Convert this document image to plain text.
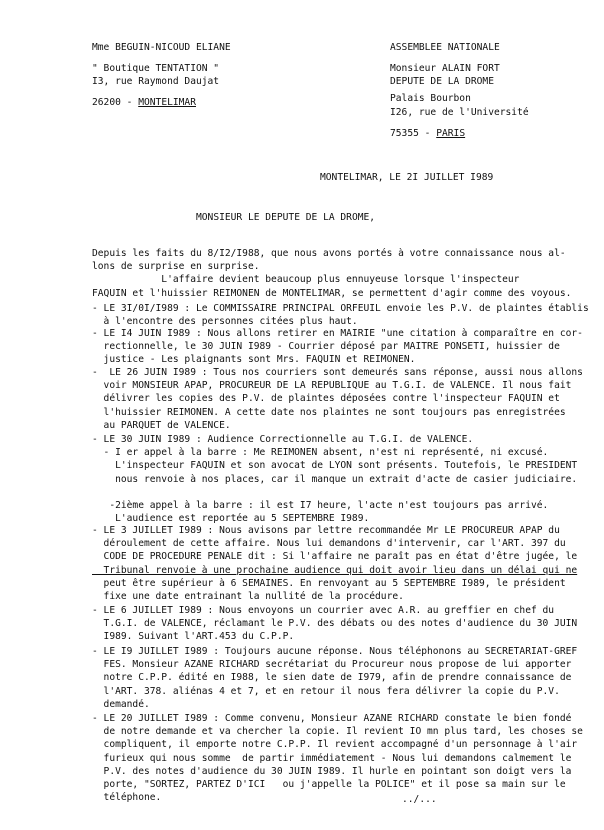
Mme BEGUIN-NICOUD ELIANE
" Boutique TENTATION "
I3, rue Raymond Daujat
26200 - MONTELIMAR
ASSEMBLEE NATIONALE
Monsieur ALAIN FORT
DEPUTE DE LA DROME
Palais Bourbon
I26, rue de l'Université
75355 - PARIS
MONTELIMAR, LE 2I JUILLET I989
MONSIEUR LE DEPUTE DE LA DROME,
Depuis les faits du 8/I2/I988, que nous avons portés à votre connaissance nous al-
lons de surprise en surprise.
L'affaire devient beaucoup plus ennuyeuse lorsque l'inspecteur
FAQUIN et l'huissier REIMONEN de MONTELIMAR, se permettent d'agir comme des voyous.
- LE 3I/0I/I989 : Le COMMISSAIRE PRINCIPAL ORFEUIL envoie les P.V. de plaintes établis
à l'encontre des personnes citées plus haut.
- LE I4 JUIN I989 : Nous allons retirer en MAIRIE "une citation à comparaître en cor-
rectionnelle, le 30 JUIN I989 - Courrier déposé par MAITRE PONSETI, huissier de
justice - Les plaignants sont Mrs. FAQUIN et REIMONEN.
-  LE 26 JUIN I989 : Tous nos courriers sont demeurés sans réponse, aussi nous allons
voir MONSIEUR APAP, PROCUREUR DE LA REPUBLIQUE au T.G.I. de VALENCE. Il nous fait
délivrer les copies des P.V. de plaintes déposées contre l'inspecteur FAQUIN et
l'huissier REIMONEN. A cette date nos plaintes ne sont toujours pas enregistrées
au PARQUET de VALENCE.
- LE 30 JUIN I989 : Audience Correctionnelle au T.G.I. de VALENCE.
- I er appel à la barre : Me REIMONEN absent, n'est ni représenté, ni excusé.
L'inspecteur FAQUIN et son avocat de LYON sont présents. Toutefois, le PRESIDENT
nous renvoie à nos places, car il manque un extrait d'acte de casier judiciaire.
-2ième appel à la barre : il est I7 heure, l'acte n'est toujours pas arrivé.
L'audience est reportée au 5 SEPTEMBRE I989.
- LE 3 JUILLET I989 : Nous avisons par lettre recommandée Mr LE PROCUREUR APAP du
déroulement de cette affaire. Nous lui demandons d'intervenir, car l'ART. 397 du
CODE DE PROCEDURE PENALE dit : Si l'affaire ne paraît pas en état d'être jugée, le
Tribunal renvoie à une prochaine audience qui doit avoir lieu dans un délai qui ne
peut être supérieur à 6 SEMAINES. En renvoyant au 5 SEPTEMBRE I989, le président
fixe une date entrainant la nullité de la procédure.
- LE 6 JUILLET I989 : Nous envoyons un courrier avec A.R. au greffier en chef du
T.G.I. de VALENCE, réclamant le P.V. des débats ou des notes d'audience du 30 JUIN
I989. Suivant l'ART.453 du C.P.P.
- LE I9 JUILLET I989 : Toujours aucune réponse. Nous téléphonons au SECRETARIAT-GREF
FES. Monsieur AZANE RICHARD secrétariat du Procureur nous propose de lui apporter
notre C.P.P. édité en I988, le sien date de I979, afin de prendre connaissance de
l'ART. 378. aliénas 4 et 7, et en retour il nous fera délivrer la copie du P.V.
demandé.
- LE 20 JUILLET I989 : Comme convenu, Monsieur AZANE RICHARD constate le bien fondé
de notre demande et va chercher la copie. Il revient IO mn plus tard, les choses se
compliquent, il emporte notre C.P.P. Il revient accompagné d'un personnage à l'air
furieux qui nous somme  de partir immédiatement - Nous lui demandons calmement le
P.V. des notes d'audience du 30 JUIN I989. Il hurle en pointant son doigt vers la
porte, "SORTEZ, PARTEZ D'ICI   ou j'appelle la POLICE" et il pose sa main sur le
téléphone.	../...
